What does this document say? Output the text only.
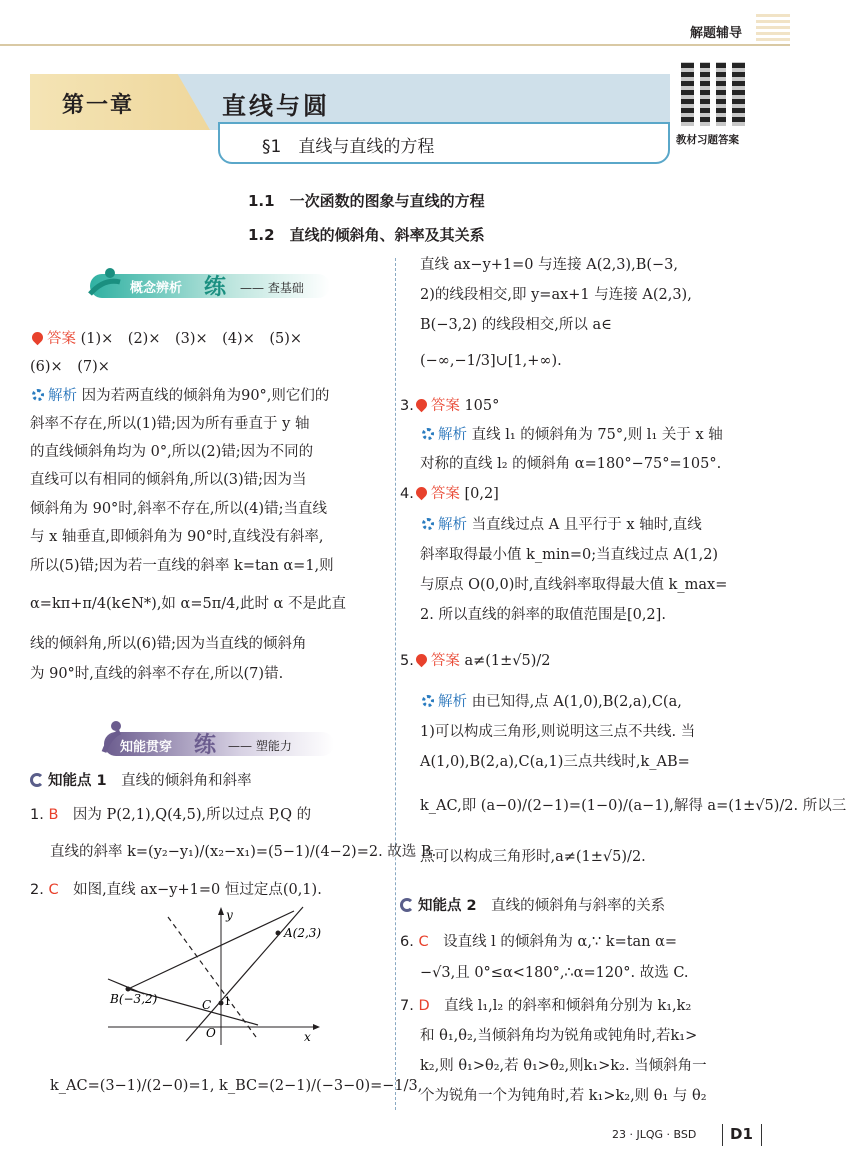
解题辅导
教材习题答案
第一章	直线与圆
§1　直线与直线的方程
1.1　一次函数的图象与直线的方程
1.2　直线的倾斜角、斜率及其关系
概念辨析 练 —— 查基础
答案 (1)×　(2)×　(3)×　(4)×　(5)×
(6)×　(7)×
解析 因为若两直线的倾斜角为90°,则它们的
斜率不存在,所以(1)错;因为所有垂直于 y 轴
的直线倾斜角均为 0°,所以(2)错;因为不同的
直线可以有相同的倾斜角,所以(3)错;因为当
倾斜角为 90°时,斜率不存在,所以(4)错;当直线
与 x 轴垂直,即倾斜角为 90°时,直线没有斜率,
所以(5)错;因为若一直线的斜率 k=tan α=1,则
α=kπ+π/4(k∈N*),如 α=5π/4,此时 α 不是此直
线的倾斜角,所以(6)错;因为当直线的倾斜角
为 90°时,直线的斜率不存在,所以(7)错.
知能贯穿 练 —— 塑能力
知能点 1　 直线的倾斜角和斜率
1. B　 因为 P(2,1),Q(4,5),所以过点 P,Q 的
直线的斜率 k=(y₂−y₁)/(x₂−x₁)=(5−1)/(4−2)=2. 故选 B.
2. C　 如图,直线 ax−y+1=0 恒过定点(0,1).
A(2,3)
B(−3,2)	C 1
O	x
y
k_AC=(3−1)/(2−0)=1, k_BC=(2−1)/(−3−0)=−1/3,
直线 ax−y+1=0 与连接 A(2,3),B(−3,
2)的线段相交,即 y=ax+1 与连接 A(2,3),
B(−3,2) 的线段相交,所以 a∈
(−∞,−1/3]∪[1,+∞).
3. 答案 105°
解析 直线 l₁ 的倾斜角为 75°,则 l₁ 关于 x 轴
对称的直线 l₂ 的倾斜角 α=180°−75°=105°.
4. 答案 [0,2]
解析 当直线过点 A 且平行于 x 轴时,直线
斜率取得最小值 k_min=0;当直线过点 A(1,2)
与原点 O(0,0)时,直线斜率取得最大值 k_max=
2. 所以直线的斜率的取值范围是[0,2].
5. 答案 a≠(1±√5)/2
解析 由已知得,点 A(1,0),B(2,a),C(a,
1)可以构成三角形,则说明这三点不共线. 当
A(1,0),B(2,a),C(a,1)三点共线时,k_AB=
k_AC,即 (a−0)/(2−1)=(1−0)/(a−1),解得 a=(1±√5)/2. 所以三
点可以构成三角形时,a≠(1±√5)/2.
知能点 2　 直线的倾斜角与斜率的关系
6. C　 设直线 l 的倾斜角为 α,∵ k=tan α=
−√3,且 0°≤α<180°,∴α=120°. 故选 C.
7. D　 直线 l₁,l₂ 的斜率和倾斜角分别为 k₁,k₂
和 θ₁,θ₂,当倾斜角均为锐角或钝角时,若k₁>
k₂,则 θ₁>θ₂,若 θ₁>θ₂,则k₁>k₂. 当倾斜角一
个为锐角一个为钝角时,若 k₁>k₂,则 θ₁ 与 θ₂
23 · JLQG · BSD D1
